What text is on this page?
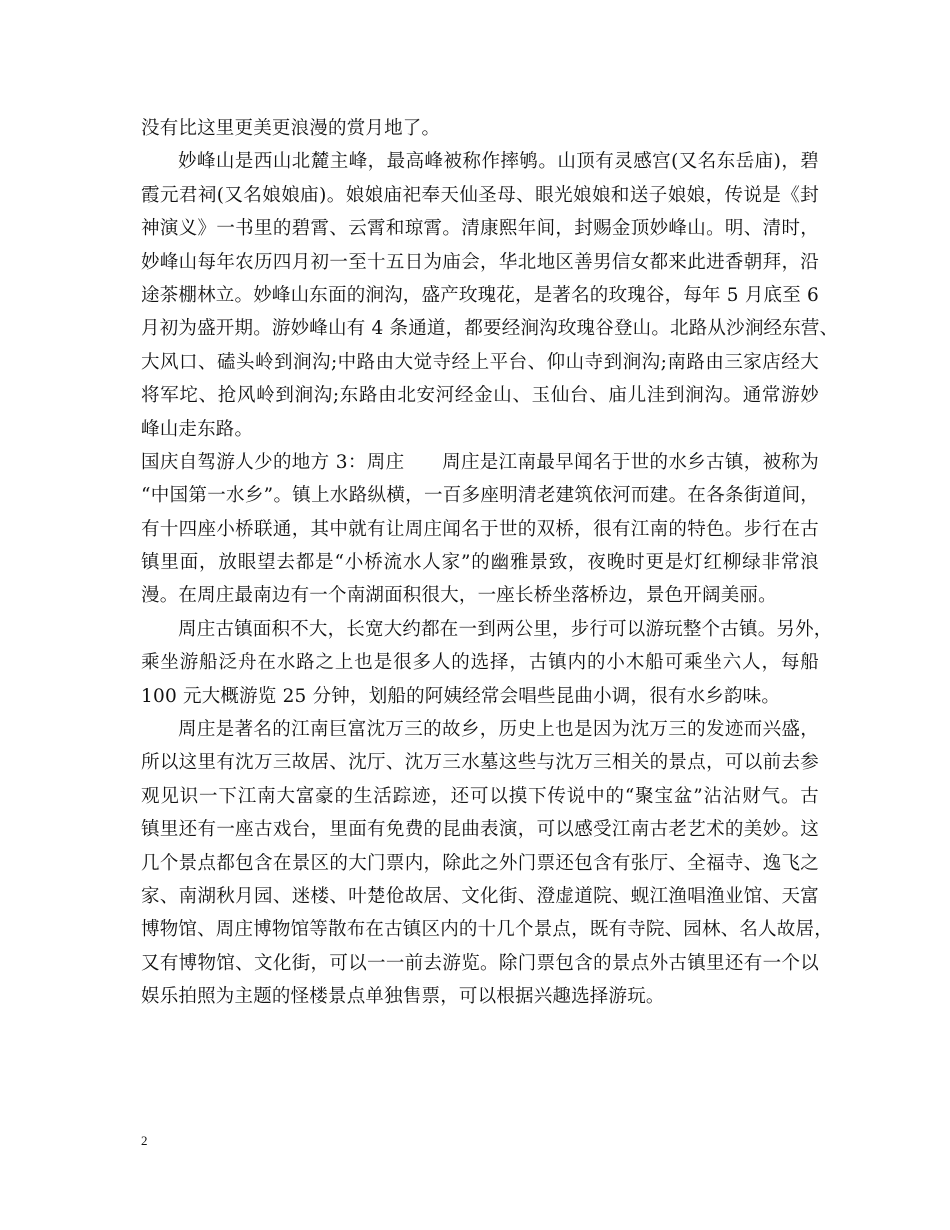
没有比这里更美更浪漫的赏月地了。
妙峰山是西山北麓主峰，最高峰被称作摔鸲。山顶有灵感宫(又名东岳庙)，碧
霞元君祠(又名娘娘庙)。娘娘庙祀奉天仙圣母、眼光娘娘和送子娘娘，传说是《封
神演义》一书里的碧霄、云霄和琼霄。清康熙年间，封赐金顶妙峰山。明、清时，
妙峰山每年农历四月初一至十五日为庙会，华北地区善男信女都来此进香朝拜，沿
途茶棚林立。妙峰山东面的涧沟，盛产玫瑰花，是著名的玫瑰谷，每年 5 月底至 6
月初为盛开期。游妙峰山有 4 条通道，都要经涧沟玫瑰谷登山。北路从沙涧经东营、
大风口、磕头岭到涧沟;中路由大觉寺经上平台、仰山寺到涧沟;南路由三家店经大
将军坨、抢风岭到涧沟;东路由北安河经金山、玉仙台、庙儿洼到涧沟。通常游妙
峰山走东路。
国庆自驾游人少的地方 3：周庄　　周庄是江南最早闻名于世的水乡古镇，被称为
“中国第一水乡”。镇上水路纵横，一百多座明清老建筑依河而建。在各条街道间，
有十四座小桥联通，其中就有让周庄闻名于世的双桥，很有江南的特色。步行在古
镇里面，放眼望去都是“小桥流水人家”的幽雅景致，夜晚时更是灯红柳绿非常浪
漫。在周庄最南边有一个南湖面积很大，一座长桥坐落桥边，景色开阔美丽。
周庄古镇面积不大，长宽大约都在一到两公里，步行可以游玩整个古镇。另外，
乘坐游船泛舟在水路之上也是很多人的选择，古镇内的小木船可乘坐六人，每船
100 元大概游览 25 分钟，划船的阿姨经常会唱些昆曲小调，很有水乡韵味。
周庄是著名的江南巨富沈万三的故乡，历史上也是因为沈万三的发迹而兴盛，
所以这里有沈万三故居、沈厅、沈万三水墓这些与沈万三相关的景点，可以前去参
观见识一下江南大富豪的生活踪迹，还可以摸下传说中的“聚宝盆”沾沾财气。古
镇里还有一座古戏台，里面有免费的昆曲表演，可以感受江南古老艺术的美妙。这
几个景点都包含在景区的大门票内，除此之外门票还包含有张厅、全福寺、逸飞之
家、南湖秋月园、迷楼、叶楚伧故居、文化街、澄虚道院、蚬江渔唱渔业馆、天富
博物馆、周庄博物馆等散布在古镇区内的十几个景点，既有寺院、园林、名人故居，
又有博物馆、文化街，可以一一前去游览。除门票包含的景点外古镇里还有一个以
娱乐拍照为主题的怪楼景点单独售票，可以根据兴趣选择游玩。
2
